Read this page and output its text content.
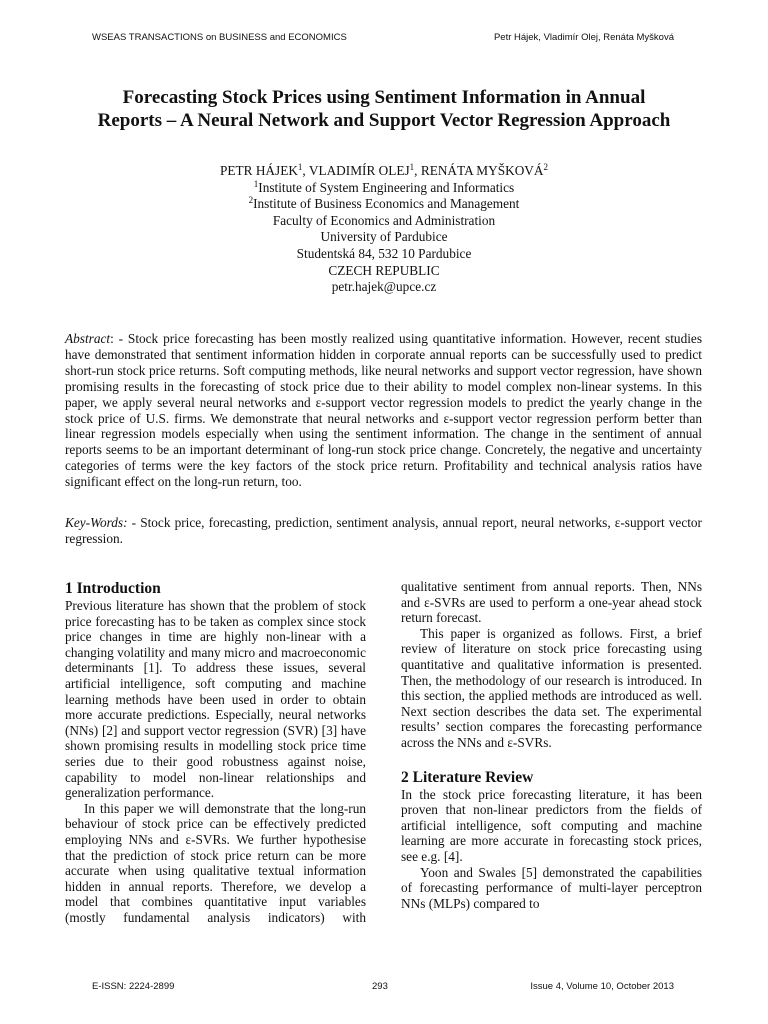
WSEAS TRANSACTIONS on BUSINESS and ECONOMICS	Petr Hájek, Vladimír Olej, Renáta Myšková
Forecasting Stock Prices using Sentiment Information in Annual
Reports – A Neural Network and Support Vector Regression Approach
PETR HÁJEK$^1$, VLADIMÍR OLEJ$^1$, RENÁTA MYŠKOVÁ$^2$
$^1$Institute of System Engineering and Informatics
$^2$Institute of Business Economics and Management
Faculty of Economics and Administration
University of Pardubice
Studentská 84, 532 10 Pardubice
CZECH REPUBLIC
petr.hajek@upce.cz
Abstract: - Stock price forecasting has been mostly realized using quantitative information. However, recent studies have demonstrated that sentiment information hidden in corporate annual reports can be successfully used to predict short-run stock price returns. Soft computing methods, like neural networks and support vector regression, have shown promising results in the forecasting of stock price due to their ability to model complex non-linear systems. In this paper, we apply several neural networks and ε-support vector regression models to predict the yearly change in the stock price of U.S. firms. We demonstrate that neural networks and ε-support vector regression perform better than linear regression models especially when using the sentiment information. The change in the sentiment of annual reports seems to be an important determinant of long-run stock price change. Concretely, the negative and uncertainty categories of terms were the key factors of the stock price return. Profitability and technical analysis ratios have significant effect on the long-run return, too.
Key-Words: - Stock price, forecasting, prediction, sentiment analysis, annual report, neural networks, ε-support vector regression.
1 Introduction

Previous literature has shown that the problem of stock price forecasting has to be taken as complex since stock price changes in time are highly non-linear with a changing volatility and many micro and macroeconomic determinants [1]. To address these issues, several artificial intelligence, soft computing and machine learning methods have been used in order to obtain more accurate predictions. Especially, neural networks (NNs) [2] and support vector regression (SVR) [3] have shown promising results in modelling stock price time series due to their good robustness against noise, capability to model non-linear relationships and generalization performance.

In this paper we will demonstrate that the long-run behaviour of stock price can be effectively predicted employing NNs and ε-SVRs. We further hypothesise that the prediction of stock price return can be more accurate when using qualitative textual information hidden in annual reports. Therefore, we develop a model that combines quantitative input variables (mostly fundamental analysis indicators) with

qualitative sentiment from annual reports. Then, NNs and ε-SVRs are used to perform a one-year ahead stock return forecast.

This paper is organized as follows. First, a brief review of literature on stock price forecasting using quantitative and qualitative information is presented. Then, the methodology of our research is introduced. In this section, the applied methods are introduced as well. Next section describes the data set. The experimental results’ section compares the forecasting performance across the NNs and ε-SVRs.

2 Literature Review

In the stock price forecasting literature, it has been proven that non-linear predictors from the fields of artificial intelligence, soft computing and machine learning are more accurate in forecasting stock prices, see e.g. [4].

Yoon and Swales [5] demonstrated the capabilities of forecasting performance of multi-layer perceptron NNs (MLPs) compared to

E-ISSN: 2224-2899	293	Issue 4, Volume 10, October 2013
